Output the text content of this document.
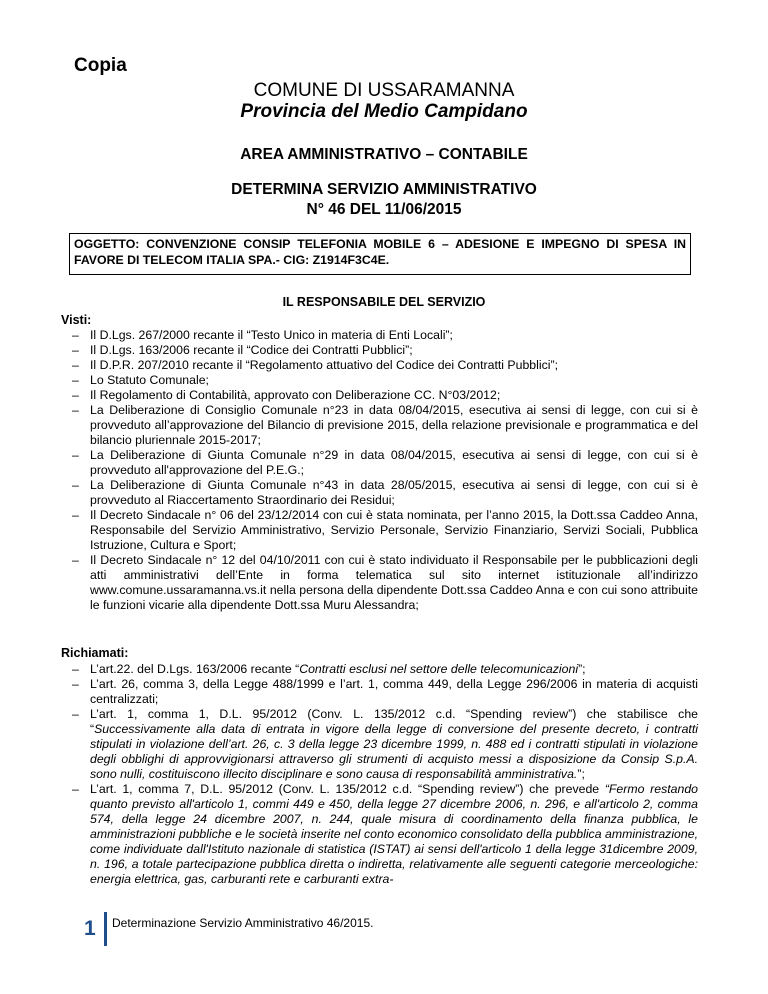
Copia
COMUNE DI USSARAMANNA
Provincia del Medio Campidano
AREA AMMINISTRATIVO – CONTABILE
DETERMINA SERVIZIO AMMINISTRATIVO
N° 46 DEL 11/06/2015
OGGETTO: CONVENZIONE CONSIP TELEFONIA MOBILE 6 – ADESIONE E IMPEGNO DI SPESA IN FAVORE DI TELECOM ITALIA SPA.- CIG: Z1914F3C4E.
IL RESPONSABILE DEL SERVIZIO
Visti:
– Il D.Lgs. 267/2000 recante il “Testo Unico in materia di Enti Locali”;
– Il D.Lgs. 163/2006 recante il “Codice dei Contratti Pubblici”;
– Il D.P.R. 207/2010 recante il “Regolamento attuativo del Codice dei Contratti Pubblici”;
– Lo Statuto Comunale;
– Il Regolamento di Contabilità, approvato con Deliberazione CC. N°03/2012;
– La Deliberazione di Consiglio Comunale n°23 in data 08/04/2015, esecutiva ai sensi di legge, con cui si è provveduto all’approvazione del Bilancio di previsione 2015, della relazione previsionale e programmatica e del bilancio pluriennale 2015-2017;
– La Deliberazione di Giunta Comunale n°29 in data 08/04/2015, esecutiva ai sensi di legge, con cui si è provveduto all'approvazione del P.E.G.;
– La Deliberazione di Giunta Comunale n°43 in data 28/05/2015, esecutiva ai sensi di legge, con cui si è provveduto al Riaccertamento Straordinario dei Residui;
– Il Decreto Sindacale n° 06 del 23/12/2014 con cui è stata nominata, per l’anno 2015, la Dott.ssa Caddeo Anna, Responsabile del Servizio Amministrativo, Servizio Personale, Servizio Finanziario, Servizi Sociali, Pubblica Istruzione, Cultura e Sport;
– Il Decreto Sindacale n° 12 del 04/10/2011 con cui è stato individuato il Responsabile per le pubblicazioni degli atti amministrativi dell’Ente in forma telematica sul sito internet istituzionale all’indirizzo www.comune.ussaramanna.vs.it nella persona della dipendente Dott.ssa Caddeo Anna e con cui sono attribuite le funzioni vicarie alla dipendente Dott.ssa Muru Alessandra;
Richiamati:
– L’art.22. del D.Lgs. 163/2006 recante “Contratti esclusi nel settore delle telecomunicazioni”;
– L’art. 26, comma 3, della Legge 488/1999 e l’art. 1, comma 449, della Legge 296/2006 in materia di acquisti centralizzati;
– L’art. 1, comma 1, D.L. 95/2012 (Conv. L. 135/2012 c.d. “Spending review”) che stabilisce che “Successivamente alla data di entrata in vigore della legge di conversione del presente decreto, i contratti stipulati in violazione dell’art. 26, c. 3 della legge 23 dicembre 1999, n. 488 ed i contratti stipulati in violazione degli obblighi di approvvigionarsi attraverso gli strumenti di acquisto messi a disposizione da Consip S.p.A. sono nulli, costituiscono illecito disciplinare e sono causa di responsabilità amministrativa.”;
– L’art. 1, comma 7, D.L. 95/2012 (Conv. L. 135/2012 c.d. “Spending review”) che prevede “Fermo restando quanto previsto all'articolo 1, commi 449 e 450, della legge 27 dicembre 2006, n. 296, e all'articolo 2, comma 574, della legge 24 dicembre 2007, n. 244, quale misura di coordinamento della finanza pubblica, le amministrazioni pubbliche e le società inserite nel conto economico consolidato della pubblica amministrazione, come individuate dall'Istituto nazionale di statistica (ISTAT) ai sensi dell'articolo 1 della legge 31dicembre 2009, n. 196, a totale partecipazione pubblica diretta o indiretta, relativamente alle seguenti categorie merceologiche: energia elettrica, gas, carburanti rete e carburanti extra-
1 Determinazione Servizio Amministrativo 46/2015.
